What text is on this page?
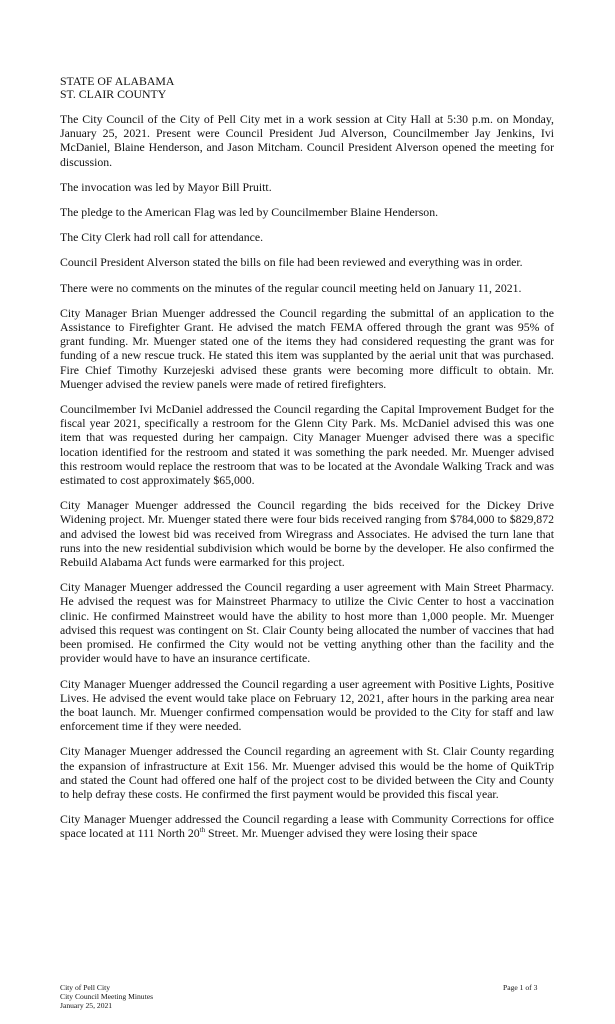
STATE OF ALABAMA
ST. CLAIR COUNTY

The City Council of the City of Pell City met in a work session at City Hall at 5:30 p.m. on Monday, January 25, 2021. Present were Council President Jud Alverson, Councilmember Jay Jenkins, Ivi McDaniel, Blaine Henderson, and Jason Mitcham. Council President Alverson opened the meeting for discussion.

The invocation was led by Mayor Bill Pruitt.

The pledge to the American Flag was led by Councilmember Blaine Henderson.

The City Clerk had roll call for attendance.

Council President Alverson stated the bills on file had been reviewed and everything was in order.

There were no comments on the minutes of the regular council meeting held on January 11, 2021.

City Manager Brian Muenger addressed the Council regarding the submittal of an application to the Assistance to Firefighter Grant. He advised the match FEMA offered through the grant was 95% of grant funding. Mr. Muenger stated one of the items they had considered requesting the grant was for funding of a new rescue truck. He stated this item was supplanted by the aerial unit that was purchased. Fire Chief Timothy Kurzejeski advised these grants were becoming more difficult to obtain. Mr. Muenger advised the review panels were made of retired firefighters.

Councilmember Ivi McDaniel addressed the Council regarding the Capital Improvement Budget for the fiscal year 2021, specifically a restroom for the Glenn City Park. Ms. McDaniel advised this was one item that was requested during her campaign. City Manager Muenger advised there was a specific location identified for the restroom and stated it was something the park needed. Mr. Muenger advised this restroom would replace the restroom that was to be located at the Avondale Walking Track and was estimated to cost approximately $65,000.

City Manager Muenger addressed the Council regarding the bids received for the Dickey Drive Widening project. Mr. Muenger stated there were four bids received ranging from $784,000 to $829,872 and advised the lowest bid was received from Wiregrass and Associates. He advised the turn lane that runs into the new residential subdivision which would be borne by the developer. He also confirmed the Rebuild Alabama Act funds were earmarked for this project.

City Manager Muenger addressed the Council regarding a user agreement with Main Street Pharmacy. He advised the request was for Mainstreet Pharmacy to utilize the Civic Center to host a vaccination clinic. He confirmed Mainstreet would have the ability to host more than 1,000 people. Mr. Muenger advised this request was contingent on St. Clair County being allocated the number of vaccines that had been promised. He confirmed the City would not be vetting anything other than the facility and the provider would have to have an insurance certificate.

City Manager Muenger addressed the Council regarding a user agreement with Positive Lights, Positive Lives. He advised the event would take place on February 12, 2021, after hours in the parking area near the boat launch. Mr. Muenger confirmed compensation would be provided to the City for staff and law enforcement time if they were needed.

City Manager Muenger addressed the Council regarding an agreement with St. Clair County regarding the expansion of infrastructure at Exit 156. Mr. Muenger advised this would be the home of QuikTrip and stated the Count had offered one half of the project cost to be divided between the City and County to help defray these costs. He confirmed the first payment would be provided this fiscal year.

City Manager Muenger addressed the Council regarding a lease with Community Corrections for office space located at 111 North 20th Street. Mr. Muenger advised they were losing their space

City of Pell City
City Council Meeting Minutes
January 25, 2021
Page 1 of 3
